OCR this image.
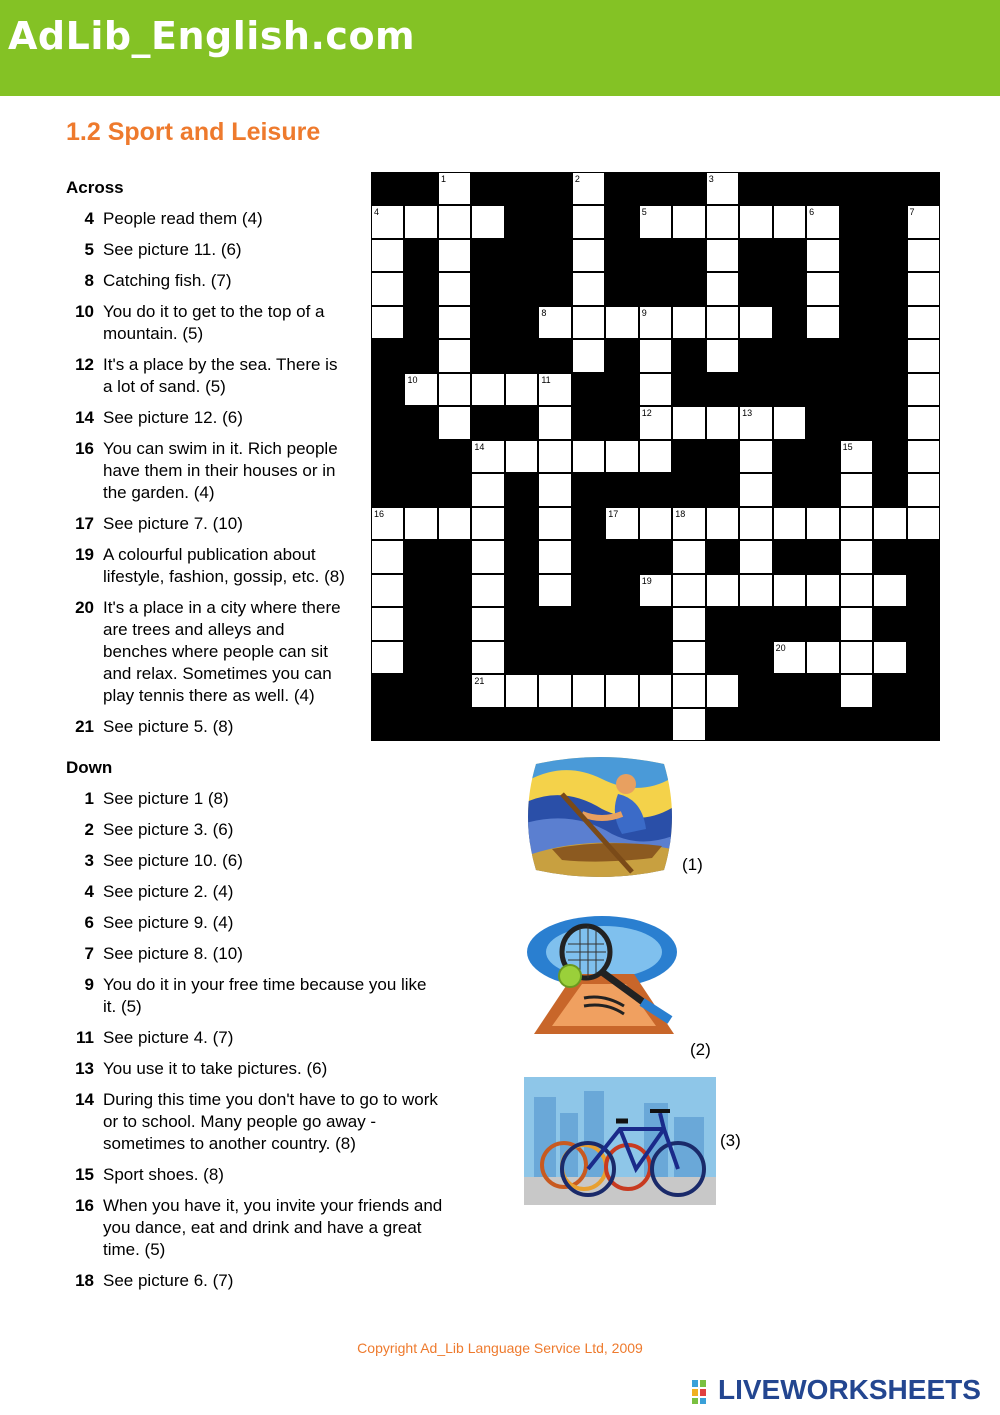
AdLib_English.com
1.2 Sport and Leisure
Across
4 People read them (4)
5 See picture 11. (6)
8 Catching fish. (7)
10 You do it to get to the top of a
mountain. (5)
12 It's a place by the sea. There is
a lot of sand. (5)
14 See picture 12. (6)
16 You can swim in it. Rich people
have them in their houses or in
the garden. (4)
17 See picture 7. (10)
19 A colourful publication about
lifestyle, fashion, gossip, etc. (8)
20 It's a place in a city where there
are trees and alleys and
benches where people can sit
and relax. Sometimes you can
play tennis there as well. (4)
21 See picture 5. (8)
Down
1 See picture 1 (8)
2 See picture 3. (6)
3 See picture 10. (6)
4 See picture 2. (4)
6 See picture 9. (4)
7 See picture 8. (10)
9 You do it in your free time because you like
it. (5)
11 See picture 4. (7)
13 You use it to take pictures. (6)
14 During this time you don't have to go to work
or to school. Many people go away -
sometimes to another country. (8)
15 Sport shoes. (8)
16 When you have it, you invite your friends and
you dance, eat and drink and have a great
time. (5)
18 See picture 6. (7)
1	2	3
4	5	6	7
8	9
12
10	11
13
14
21
15
16	17	18
19
20
(1)
(2)
(3)
Copyright Ad_Lib Language Service Ltd, 2009
LIVEWORKSHEETS
